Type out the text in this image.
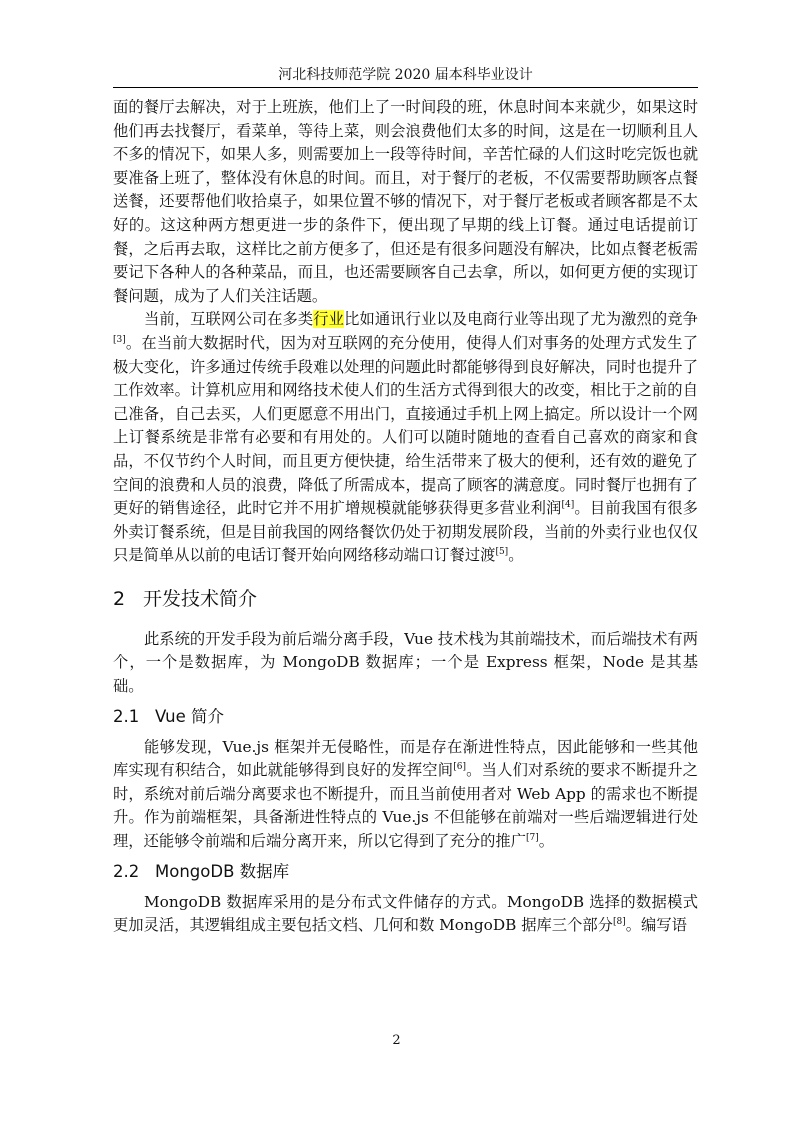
河北科技师范学院 2020 届本科毕业设计

面的餐厅去解决，对于上班族，他们上了一时间段的班，休息时间本来就少，如果这时他们再去找餐厅，看菜单，等待上菜，则会浪费他们太多的时间，这是在一切顺利且人不多的情况下，如果人多，则需要加上一段等待时间，辛苦忙碌的人们这时吃完饭也就要准备上班了，整体没有休息的时间。而且，对于餐厅的老板，不仅需要帮助顾客点餐送餐，还要帮他们收拾桌子，如果位置不够的情况下，对于餐厅老板或者顾客都是不太好的。这这种两方想更进一步的条件下，便出现了早期的线上订餐。通过电话提前订餐，之后再去取，这样比之前方便多了，但还是有很多问题没有解决，比如点餐老板需要记下各种人的各种菜品，而且，也还需要顾客自己去拿，所以，如何更方便的实现订餐问题，成为了人们关注话题。

当前，互联网公司在多类行业比如通讯行业以及电商行业等出现了尤为激烈的竞争[3]。在当前大数据时代，因为对互联网的充分使用，使得人们对事务的处理方式发生了极大变化，许多通过传统手段难以处理的问题此时都能够得到良好解决，同时也提升了工作效率。计算机应用和网络技术使人们的生活方式得到很大的改变，相比于之前的自己准备，自己去买，人们更愿意不用出门，直接通过手机上网上搞定。所以设计一个网上订餐系统是非常有必要和有用处的。人们可以随时随地的查看自己喜欢的商家和食品，不仅节约个人时间，而且更方便快捷，给生活带来了极大的便利，还有效的避免了空间的浪费和人员的浪费，降低了所需成本，提高了顾客的满意度。同时餐厅也拥有了更好的销售途径，此时它并不用扩增规模就能够获得更多营业利润[4]。目前我国有很多外卖订餐系统，但是目前我国的网络餐饮仍处于初期发展阶段，当前的外卖行业也仅仅只是简单从以前的电话订餐开始向网络移动端口订餐过渡[5]。

2 开发技术简介

此系统的开发手段为前后端分离手段，Vue 技术栈为其前端技术，而后端技术有两个，一个是数据库，为 MongoDB 数据库；一个是 Express 框架，Node 是其基础。

2.1 Vue 简介

能够发现，Vue.js 框架并无侵略性，而是存在渐进性特点，因此能够和一些其他库实现有积结合，如此就能够得到良好的发挥空间[6]。当人们对系统的要求不断提升之时，系统对前后端分离要求也不断提升，而且当前使用者对 Web App 的需求也不断提升。作为前端框架，具备渐进性特点的 Vue.js 不但能够在前端对一些后端逻辑进行处理，还能够令前端和后端分离开来，所以它得到了充分的推广[7]。

2.2 MongoDB 数据库

MongoDB 数据库采用的是分布式文件储存的方式。MongoDB 选择的数据模式更加灵活，其逻辑组成主要包括文档、几何和数 MongoDB 据库三个部分[8]。编写语

2
